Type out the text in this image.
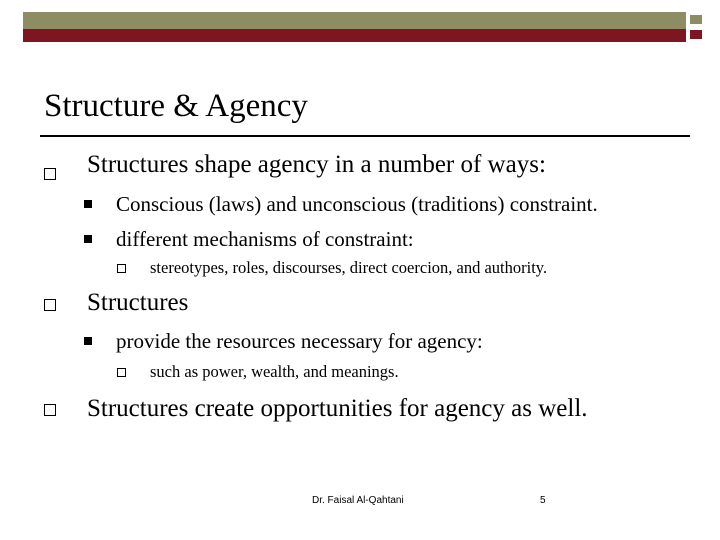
Structure & Agency
Structures shape agency in a number of ways:
Conscious (laws) and unconscious (traditions) constraint.
different mechanisms of constraint:
stereotypes, roles, discourses, direct coercion, and authority.
Structures
provide the resources necessary for agency:
such as power, wealth, and meanings.
Structures create opportunities for agency as well.
Dr. Faisal Al-Qahtani	5
